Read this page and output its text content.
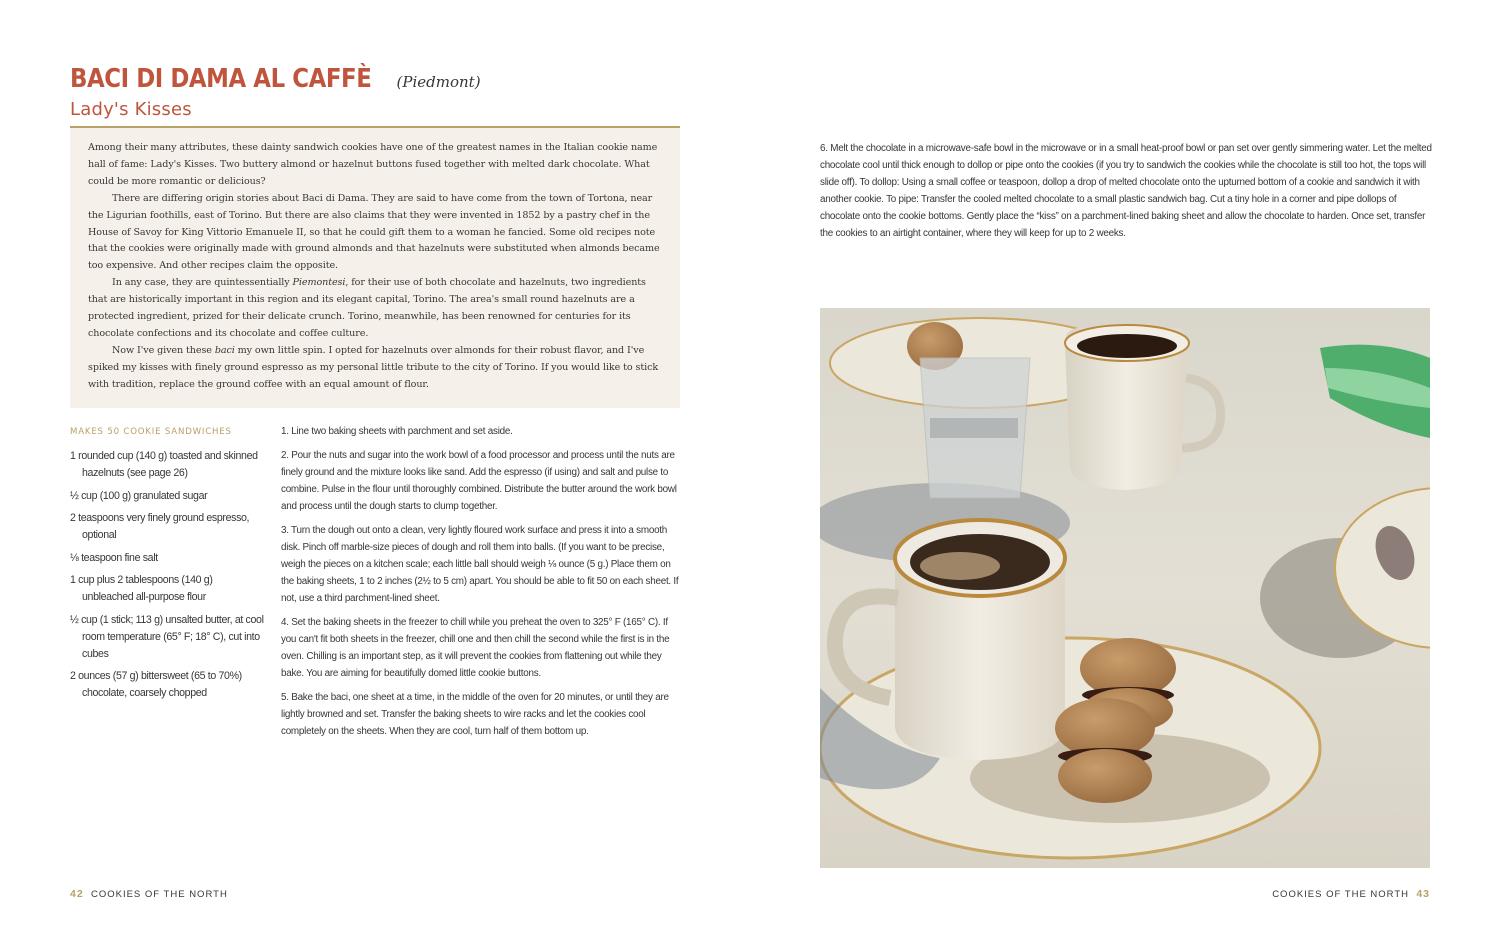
BACI DI DAMA AL CAFFÈ (Piedmont)
Lady's Kisses

Among their many attributes, these dainty sandwich cookies have one of the greatest names in the Italian cookie name hall of fame: Lady's Kisses. Two buttery almond or hazelnut buttons fused together with melted dark chocolate. What could be more romantic or delicious?

There are differing origin stories about Baci di Dama. They are said to have come from the town of Tortona, near the Ligurian foothills, east of Torino. But there are also claims that they were invented in 1852 by a pastry chef in the House of Savoy for King Vittorio Emanuele II, so that he could gift them to a woman he fancied. Some old recipes note that the cookies were originally made with ground almonds and that hazelnuts were substituted when almonds became too expensive. And other recipes claim the opposite.

In any case, they are quintessentially Piemontesi, for their use of both chocolate and hazelnuts, two ingredients that are historically important in this region and its elegant capital, Torino. The area's small round hazelnuts are a protected ingredient, prized for their delicate crunch. Torino, meanwhile, has been renowned for centuries for its chocolate confections and its chocolate and coffee culture.

Now I've given these baci my own little spin. I opted for hazelnuts over almonds for their robust flavor, and I've spiked my kisses with finely ground espresso as my personal little tribute to the city of Torino. If you would like to stick with tradition, replace the ground coffee with an equal amount of flour.

MAKES 50 COOKIE SANDWICHES
1 rounded cup (140 g) toasted and skinned hazelnuts (see page 26)
½ cup (100 g) granulated sugar
2 teaspoons very finely ground espresso, optional
⅛ teaspoon fine salt
1 cup plus 2 tablespoons (140 g) unbleached all-purpose flour
½ cup (1 stick; 113 g) unsalted butter, at cool room temperature (65° F; 18° C), cut into cubes
2 ounces (57 g) bittersweet (65 to 70%) chocolate, coarsely chopped

1. Line two baking sheets with parchment and set aside.

2. Pour the nuts and sugar into the work bowl of a food processor and process until the nuts are finely ground and the mixture looks like sand. Add the espresso (if using) and salt and pulse to combine. Pulse in the flour until thoroughly combined. Distribute the butter around the work bowl and process until the dough starts to clump together.

3. Turn the dough out onto a clean, very lightly floured work surface and press it into a smooth disk. Pinch off marble-size pieces of dough and roll them into balls. (If you want to be precise, weigh the pieces on a kitchen scale; each little ball should weigh ⅛ ounce (5 g.) Place them on the baking sheets, 1 to 2 inches (2½ to 5 cm) apart. You should be able to fit 50 on each sheet. If not, use a third parchment-lined sheet.

4. Set the baking sheets in the freezer to chill while you preheat the oven to 325° F (165° C). If you can't fit both sheets in the freezer, chill one and then chill the second while the first is in the oven. Chilling is an important step, as it will prevent the cookies from flattening out while they bake. You are aiming for beautifully domed little cookie buttons.

5. Bake the baci, one sheet at a time, in the middle of the oven for 20 minutes, or until they are lightly browned and set. Transfer the baking sheets to wire racks and let the cookies cool completely on the sheets. When they are cool, turn half of them bottom up.

42 COOKIES OF THE NORTH

6. Melt the chocolate in a microwave-safe bowl in the microwave or in a small heat-proof bowl or pan set over gently simmering water. Let the melted chocolate cool until thick enough to dollop or pipe onto the cookies (if you try to sandwich the cookies while the chocolate is still too hot, the tops will slide off). To dollop: Using a small coffee or teaspoon, dollop a drop of melted chocolate onto the upturned bottom of a cookie and sandwich it with another cookie. To pipe: Transfer the cooled melted chocolate to a small plastic sandwich bag. Cut a tiny hole in a corner and pipe dollops of chocolate onto the cookie bottoms. Gently place the “kiss” on a parchment-lined baking sheet and allow the chocolate to harden. Once set, transfer the cookies to an airtight container, where they will keep for up to 2 weeks.

COOKIES OF THE NORTH 43
